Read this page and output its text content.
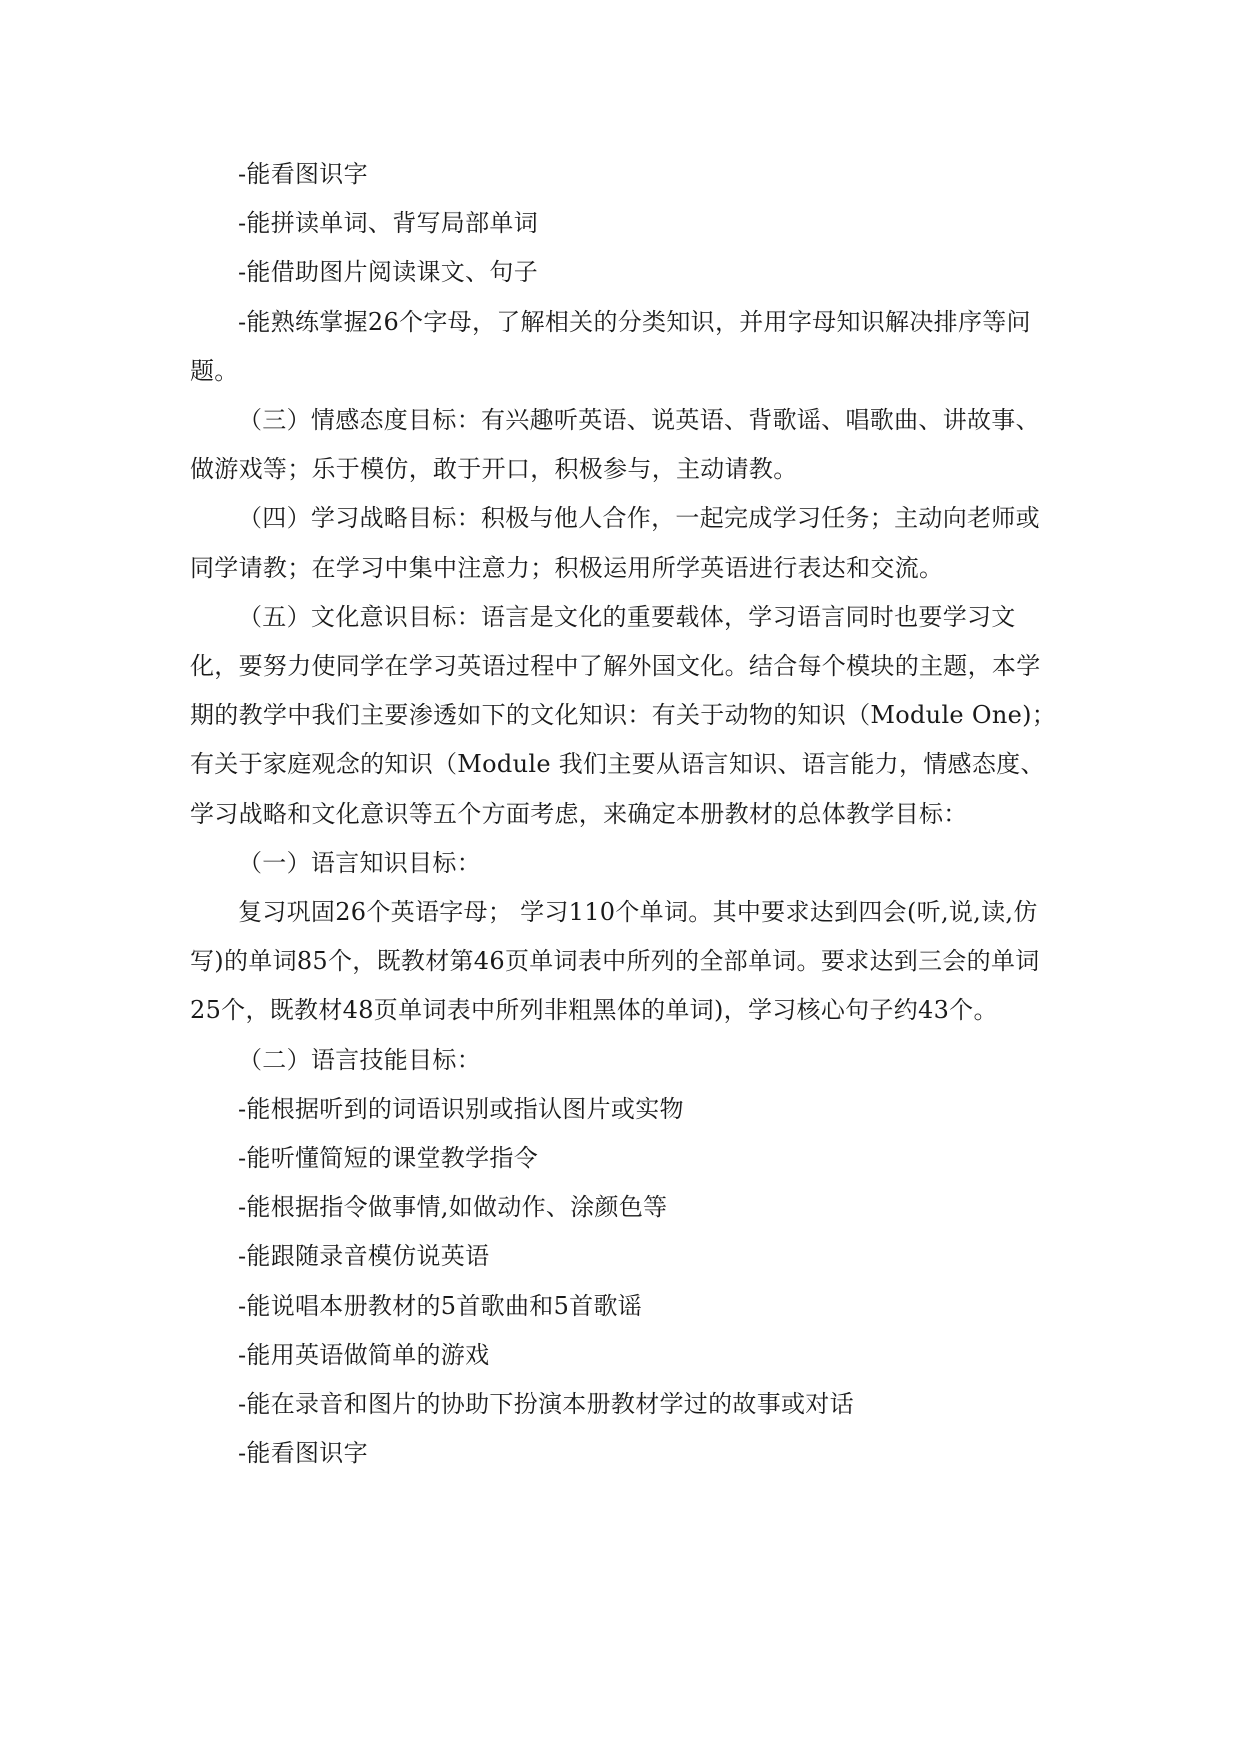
-能看图识字

-能拼读单词、背写局部单词

-能借助图片阅读课文、句子

-能熟练掌握26个字母，了解相关的分类知识，并用字母知识解决排序等问题。

（三）情感态度目标：有兴趣听英语、说英语、背歌谣、唱歌曲、讲故事、做游戏等；乐于模仿，敢于开口，积极参与，主动请教。

（四）学习战略目标：积极与他人合作，一起完成学习任务；主动向老师或同学请教；在学习中集中注意力；积极运用所学英语进行表达和交流。

（五）文化意识目标：语言是文化的重要载体，学习语言同时也要学习文化，要努力使同学在学习英语过程中了解外国文化。结合每个模块的主题，本学期的教学中我们主要渗透如下的文化知识：有关于动物的知识（Module One)；有关于家庭观念的知识（Module 我们主要从语言知识、语言能力，情感态度、学习战略和文化意识等五个方面考虑，来确定本册教材的总体教学目标：

（一）语言知识目标：

复习巩固26个英语字母； 学习110个单词。其中要求达到四会(听,说,读,仿写)的单词85个，既教材第46页单词表中所列的全部单词。要求达到三会的单词25个，既教材48页单词表中所列非粗黑体的单词)，学习核心句子约43个。

（二）语言技能目标：

-能根据听到的词语识别或指认图片或实物

-能听懂简短的课堂教学指令

-能根据指令做事情,如做动作、涂颜色等

-能跟随录音模仿说英语

-能说唱本册教材的5首歌曲和5首歌谣

-能用英语做简单的游戏

-能在录音和图片的协助下扮演本册教材学过的故事或对话

-能看图识字
